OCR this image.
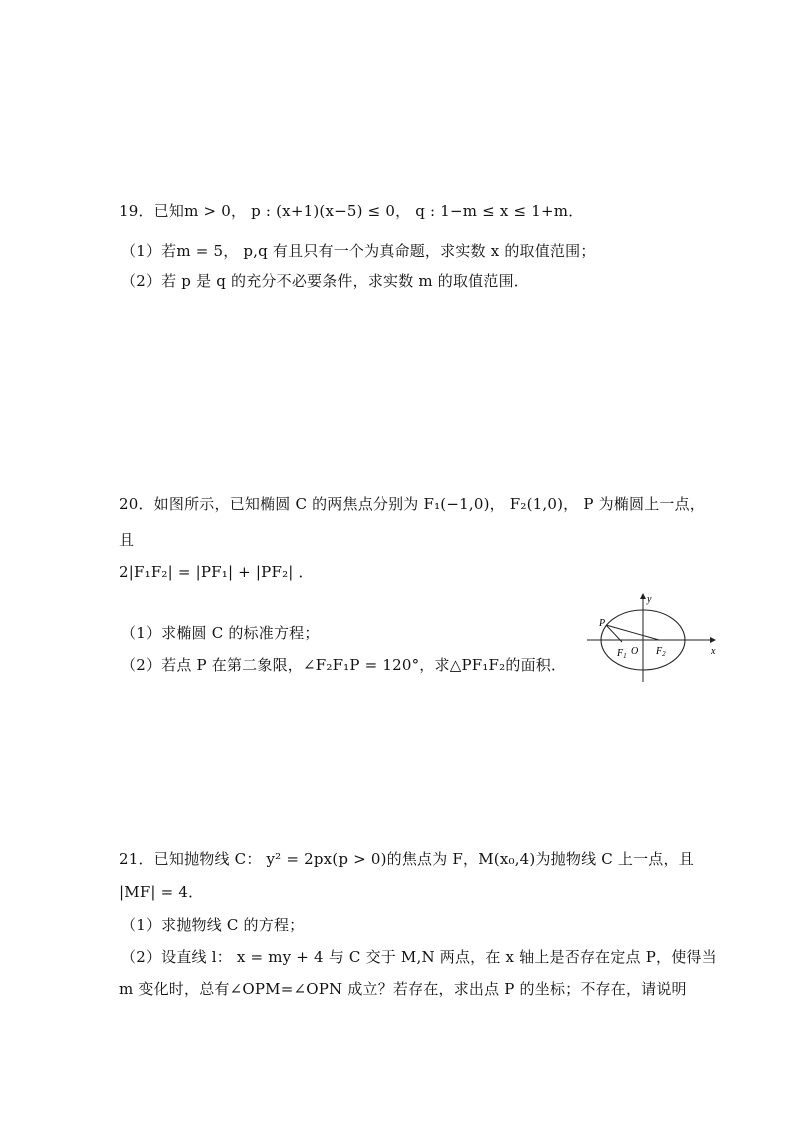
19．已知m > 0， p : (x+1)(x−5) ≤ 0， q : 1−m ≤ x ≤ 1+m．
（1）若m = 5， p,q 有且只有一个为真命题，求实数 x 的取值范围；
（2）若 p 是 q 的充分不必要条件，求实数 m 的取值范围．
20．如图所示，已知椭圆 C 的两焦点分别为 F₁(−1,0)， F₂(1,0)， P 为椭圆上一点，
且
2|F₁F₂| = |PF₁| + |PF₂| ．
（1）求椭圆 C 的标准方程；
（2）若点 P 在第二象限，∠F₂F₁P = 120°，求△PF₁F₂的面积．
P
O
$F_1$	$F_2$	x
y
21．已知抛物线 C： y² = 2px(p > 0)的焦点为 F，M(x₀,4)为抛物线 C 上一点，且
|MF| = 4．
（1）求抛物线 C 的方程；
（2）设直线 l： x = my + 4 与 C 交于 M,N 两点，在 x 轴上是否存在定点 P，使得当
m 变化时，总有∠OPM=∠OPN 成立？若存在，求出点 P 的坐标；不存在，请说明
